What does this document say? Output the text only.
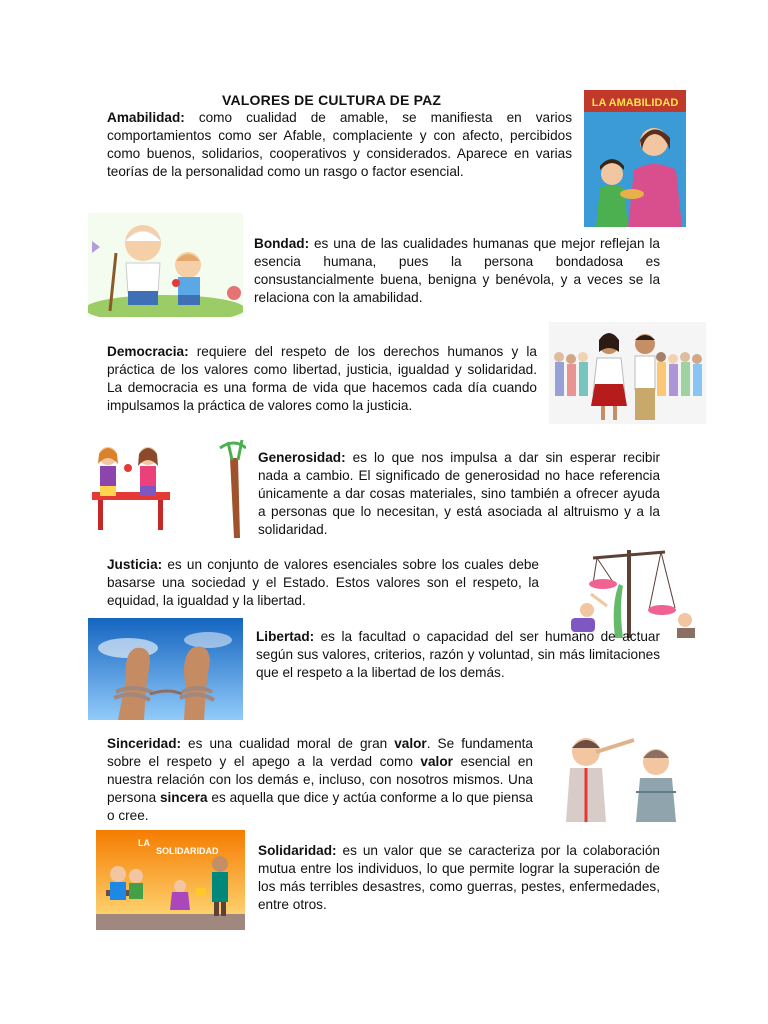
VALORES DE CULTURA DE PAZ
Amabilidad: como cualidad de amable, se manifiesta en varios comportamientos como ser Afable, complaciente y con afecto, percibidos como buenos, solidarios, cooperativos y considerados. Aparece en varias teorías de la personalidad como un rasgo o factor esencial.
LA AMABILIDAD
Bondad: es una de las cualidades humanas que mejor reflejan la esencia humana, pues la persona bondadosa es consustancialmente buena, benigna y benévola, y a veces se la relaciona con la amabilidad.
Democracia: requiere del respeto de los derechos humanos y la práctica de los valores como libertad, justicia, igualdad y solidaridad. La democracia es una forma de vida que hacemos cada día cuando impulsamos la práctica de valores como la justicia.
Generosidad: es lo que nos impulsa a dar sin esperar recibir nada a cambio. El significado de generosidad no hace referencia únicamente a dar cosas materiales, sino también a ofrecer ayuda a personas que lo necesitan, y está asociada al altruismo y a la solidaridad.
Justicia: es un conjunto de valores esenciales sobre los cuales debe basarse una sociedad y el Estado. Estos valores son el respeto, la equidad, la igualdad y la libertad.
Libertad: es la facultad o capacidad del ser humano de actuar según sus valores, criterios, razón y voluntad, sin más limitaciones que el respeto a la libertad de los demás.
Sinceridad: es una cualidad moral de gran valor. Se fundamenta sobre el respeto y el apego a la verdad como valor esencial en nuestra relación con los demás e, incluso, con nosotros mismos. Una persona sincera es aquella que dice y actúa conforme a lo que piensa o cree.
LA
SOLIDARIDAD	Solidaridad: es un valor que se caracteriza por la colaboración mutua entre los individuos, lo que permite lograr la superación de los más terribles desastres, como guerras, pestes, enfermedades, entre otros.
